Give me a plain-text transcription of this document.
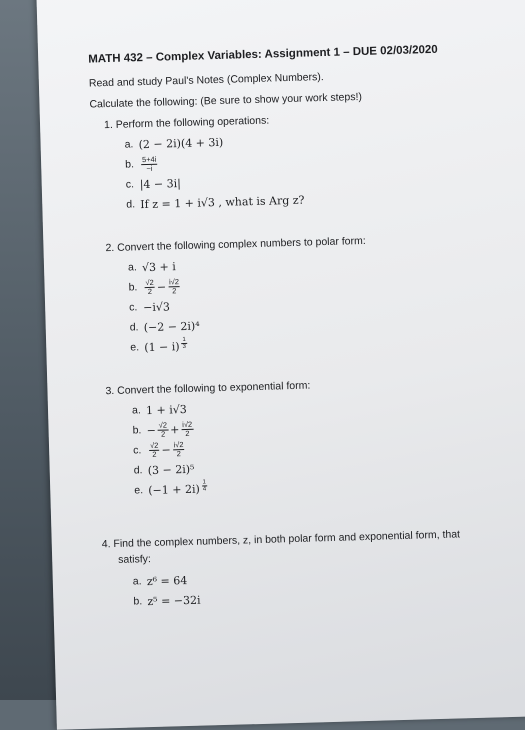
MATH 432 – Complex Variables: Assignment 1 – DUE 02/03/2020
Read and study Paul's Notes (Complex Numbers).
Calculate the following: (Be sure to show your work steps!)
1. Perform the following operations:
a. (2 − 2i)(4 + 3i)
b. $\frac{5+4i}{-i}$
c. |4 − 3i|
d. If z = 1 + i√3 , what is Arg z?
2. Convert the following complex numbers to polar form:
a. √3 + i
b. $\frac{√2}{2} - \frac{i√2}{2}$
c. −i√3
d. (−2 − 2i)⁴
e. $(1 - i) \frac{1}{3}$
3. Convert the following to exponential form:
a. 1 + i√3
b. − $\frac{√2}{2} + \frac{i√2}{2}$
c. $\frac{√2}{2} - \frac{i√2}{2}$
d. (3 − 2i)⁵
e. $(-1 + 2i) \frac{1}{4}$
4. Find the complex numbers, z, in both polar form and exponential form, that
satisfy:
a. z⁶ = 64
b. z⁵ = −32i
